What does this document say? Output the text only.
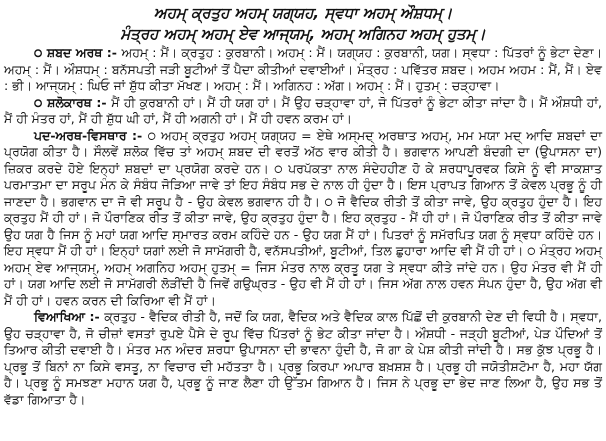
ਅਹਮ੍ ਕ੍ਰਤੁਹ ਅਹਮ੍ ਯਗ੍ਯਹ, ਸ੍ਵਧਾ ਅਹਮ੍ ਔਸ਼ਧਮ੍।

ਮੰਤ੍ਰਹ ਅਹਮ੍ ਅਹਮ੍ ਏਵ ਆਜ੍ਯਮ੍, ਅਹਮ੍ ਅਗਿਨਹ ਅਹਮ੍ ਹੁਤਮ੍।

੦ ਸ਼ਬਦ ਅਰਥ :- ਅਹਮ੍ : ਮੈਂ। ਕ੍ਰਤੁਹ : ਕੁਰਬਾਨੀ। ਅਹਮ੍ : ਮੈਂ। ਯਗ੍ਯਹ : ਕੁਰਬਾਨੀ, ਯਗ। ਸ੍ਵਧਾ : ਪਿੱਤਰਾਂ ਨੂੰ ਭੇਟਾ ਦੇਣਾ। ਅਹਮ੍ : ਮੈਂ। ਔਸ਼ਧਮ੍ : ਬਨੱਸਪਤੀ ਜੜੀ ਬੂਟੀਆਂ ਤੋਂ ਪੈਦਾ ਕੀਤੀਆਂ ਦਵਾਈਆਂ। ਮੰਤ੍ਰਹ : ਪਵਿੱਤਰ ਸ਼ਬਦ। ਅਹਮ ਅਹਮ : ਮੈਂ, ਮੈਂ। ਏਵ : ਭੀ। ਆਜ੍ਯਮ੍ : ਘਿਓ ਜਾਂ ਸ਼ੁੱਧ ਕੀਤਾ ਮੱਖਣ। ਅਹਮ੍ : ਮੈਂ। ਅਗਿਨਹ : ਅੱਗ। ਅਹਮ੍ : ਮੈਂ। ਹੁਤਮ੍ : ਚੜ੍ਹਾਵਾ।

੦ ਸ਼ਲੋਕਾਰਥ :- ਮੈਂ ਹੀ ਕੁਰਬਾਨੀ ਹਾਂ। ਮੈਂ ਹੀ ਯਗ ਹਾਂ। ਮੈਂ ਉਹ ਚੜ੍ਹਾਵਾ ਹਾਂ, ਜੋ ਪਿੱਤਰਾਂ ਨੂੰ ਭੇਟਾ ਕੀਤਾ ਜਾਂਦਾ ਹੈ। ਮੈਂ ਔਸ਼ਧੀ ਹਾਂ, ਮੈਂ ਹੀ ਮੰਤਰ ਹਾਂ, ਮੈਂ ਹੀ ਸ਼ੁੱਧ ਘੀ ਹਾਂ, ਮੈਂ ਹੀ ਅਗਨੀ ਹਾਂ। ਮੈਂ ਹੀ ਹਵਨ ਕਰਮ ਹਾਂ।

ਪਦ-ਅਰਥ-ਵਿਸਥਾਰ :- ੦ ਅਹਮ੍ ਕ੍ਰਤੁਹ ਅਹਮ੍ ਯਗ੍ਯਹ = ਏਥੇ ਅਸ੍ਮਦ੍ ਅਰਥਾਤ ਅਹਮ੍, ਮਮ ਮਯਾ ਮਦ੍ ਆਦਿ ਸ਼ਬਦਾਂ ਦਾ ਪ੍ਰਯੋਗ ਕੀਤਾ ਹੈ। ਸੌਲਵੇਂ ਸ਼ਲੋਕ ਵਿੱਚ ਤਾਂ ਅਹਮ੍ ਸ਼ਬਦ ਦੀ ਵਰਤੋਂ ਅੱਠ ਵਾਰ ਕੀਤੀ ਹੈ। ਭਗਵਾਨ ਆਪਣੀ ਬੰਦਗੀ ਦਾ (ਉਪਾਸਨਾ ਦਾ) ਜ਼ਿਕਰ ਕਰਦੇ ਹੋਏ ਇਨ੍ਹਾਂ ਸ਼ਬਦਾਂ ਦਾ ਪ੍ਰਯੋਗ ਕਰਦੇ ਹਨ। ੦ ਪਰਪੱਕਤਾ ਨਾਲ ਸੰਦੇਹਹੀਣ ਹੋ ਕੇ ਸ਼ਰਧਾਪੂਰਵਕ ਕਿਸੇ ਨੂੰ ਵੀ ਸਾਕਸ਼ਾਤ ਪਰਮਾਤਮਾ ਦਾ ਸਰੂਪ ਮੰਨ ਕੇ ਸੰਬੰਧ ਜੋੜਿਆ ਜਾਵੇ ਤਾਂ ਇਹ ਸੰਬੰਧ ਸਭ ਦੇ ਨਾਲ ਹੀ ਹੁੰਦਾ ਹੈ। ਇਸ ਪ੍ਰਾਪਤ ਗਿਆਨ ਤੋਂ ਕੇਵਲ ਪ੍ਰਭੂ ਨੂੰ ਹੀ ਜਾਣਦਾ ਹੈ। ਭਗਵਾਨ ਦਾ ਜੋ ਵੀ ਸਰੂਪ ਹੈ - ਉਹ ਕੇਵਲ ਭਗਵਾਨ ਹੀ ਹੈ। ੦ ਜੋ ਵੈਦਿਕ ਰੀਤੀ ਤੋਂ ਕੀਤਾ ਜਾਵੇ, ਉਹ ਕ੍ਰਤੁਹ ਹੁੰਦਾ ਹੈ। ਇਹ ਕ੍ਰਤੁਹ ਮੈਂ ਹੀ ਹਾਂ। ਜੋ ਪੌਰਾਣਿਕ ਰੀਤ ਤੋਂ ਕੀਤਾ ਜਾਵੇ, ਉਹ ਕ੍ਰਤੁਹ ਹੁੰਦਾ ਹੈ। ਇਹ ਕ੍ਰਤੁਹ - ਮੈਂ ਹੀ ਹਾਂ। ਜੋ ਪੌਰਾਣਿਕ ਰੀਤ ਤੋਂ ਕੀਤਾ ਜਾਵੇ ਉਹ ਯਗ ਹੈ ਜਿਸ ਨੂੰ ਮਹਾਂ ਯਗ ਆਦਿ ਸ੍ਮਾਰਤ ਕਰਮ ਕਹਿੰਦੇ ਹਨ - ਉਹ ਯਗ ਮੈਂ ਹਾਂ। ਪਿਤਰਾਂ ਨੂੰ ਸਮੱਰਪਿਤ ਯਗ ਨੂੰ ਸ੍ਵਧਾ ਕਹਿੰਦੇ ਹਨ। ਇਹ ਸ੍ਵਧਾ ਮੈਂ ਹੀ ਹਾਂ। ਇਨ੍ਹਾਂ ਯਗਾਂ ਲਈ ਜੋ ਸਾਮੱਗਰੀ ਹੈ, ਵਨੱਸਪਤੀਆਂ, ਬੂਟੀਆਂ, ਤਿਲ ਛੁਹਾਰਾ ਆਦਿ ਵੀ ਮੈਂ ਹੀ ਹਾਂ। ੦ ਮੰਤ੍ਰਹ ਅਹਮ੍ ਅਹਮ੍ ਏਵ ਆਜ੍ਯਮ੍, ਅਹਮ੍ ਅਗਨਿਹ ਅਹਮ੍ ਹੁਤਮ੍ = ਜਿਸ ਮੰਤਰ ਨਾਲ ਕ੍ਰਤੂ ਯਗ ਤੇ ਸ੍ਵਧਾ ਕੀਤੇ ਜਾਂਦੇ ਹਨ। ਉਹ ਮੰਤਰ ਵੀ ਮੈਂ ਹੀ ਹਾਂ। ਯਗ ਆਦਿ ਲਈ ਜੋ ਸਾਮੱਗਰੀ ਲੋੜੀਂਦੀ ਹੈ ਜਿਵੇਂ ਗਉਘ੍ਰਤ - ਉਹ ਵੀ ਮੈਂ ਹੀ ਹਾਂ। ਜਿਸ ਅੱਗ ਨਾਲ ਹਵਨ ਸੰਪਨ ਹੁੰਦਾ ਹੈ, ਉਹ ਅੱਗ ਵੀ ਮੈਂ ਹੀ ਹਾਂ। ਹਵਨ ਕਰਨ ਦੀ ਕਿਰਿਆ ਵੀ ਮੈਂ ਹਾਂ।

ਵਿਆਖਿਆ :- ਕ੍ਰਤੁਹ - ਵੈਦਿਕ ਰੀਤੀ ਹੈ, ਜਦੋਂ ਕਿ ਯਗ, ਵੈਦਿਕ ਅਤੇ ਵੈਦਿਕ ਕਾਲ ਪਿੱਛੋਂ ਦੀ ਕੁਰਬਾਨੀ ਦੇਣ ਦੀ ਵਿਧੀ ਹੈ। ਸ੍ਵਧਾ, ਉਹ ਚੜ੍ਹਾਵਾ ਹੈ, ਜੋ ਚੀਜ਼ਾਂ ਵਸਤਾਂ ਰੁਪਏ ਪੈਸੇ ਦੇ ਰੂਪ ਵਿੱਚ ਪਿੱਤਰਾਂ ਨੂੰ ਭੇਟ ਕੀਤਾ ਜਾਂਦਾ ਹੈ। ਔਸ਼ਧੀ - ਜੜ੍ਹੀ ਬੂਟੀਆਂ, ਪੇੜ ਪੌਦਿਆਂ ਤੋਂ ਤਿਆਰ ਕੀਤੀ ਦਵਾਈ ਹੈ। ਮੰਤਰ ਮਨ ਅੰਦਰ ਸ਼ਰਧਾ ਉਪਾਸਨਾ ਦੀ ਭਾਵਨਾ ਹੁੰਦੀ ਹੈ, ਜੋ ਗਾ ਕੇ ਪੇਸ਼ ਕੀਤੀ ਜਾਂਦੀ ਹੈ। ਸਭ ਕੁੱਝ ਪ੍ਰਭੂ ਹੈ। ਪ੍ਰਭੂ ਤੋਂ ਬਿਨਾਂ ਨਾ ਕਿਸੇ ਵਸਤੂ, ਨਾ ਵਿਚਾਰ ਦੀ ਮਹੱਤਤਾ ਹੈ। ਪ੍ਰਭੂ ਕਿਰਪਾ ਅਪਾਰ ਬਖ਼ਸ਼ਸ਼ ਹੈ। ਪ੍ਰਭੂ ਹੀ ਜਯੋਤੀਸ਼ਟੋਮਾ ਹੈ, ਮਹਾ ਯੱਗ ਹੈ। ਪ੍ਰਭੂ ਨੂੰ ਸਮਝਣਾ ਮਹਾਨ ਯਗ ਹੈ, ਪ੍ਰਭੂ ਨੂੰ ਜਾਣ ਲੈਣਾ ਹੀ ਉੱਤਮ ਗਿਆਨ ਹੈ। ਜਿਸ ਨੇ ਪ੍ਰਭੂ ਦਾ ਭੇਦ ਜਾਣ ਲਿਆ ਹੈ, ਉਹ ਸਭ ਤੋਂ ਵੱਡਾ ਗਿਆਤਾ ਹੈ।
